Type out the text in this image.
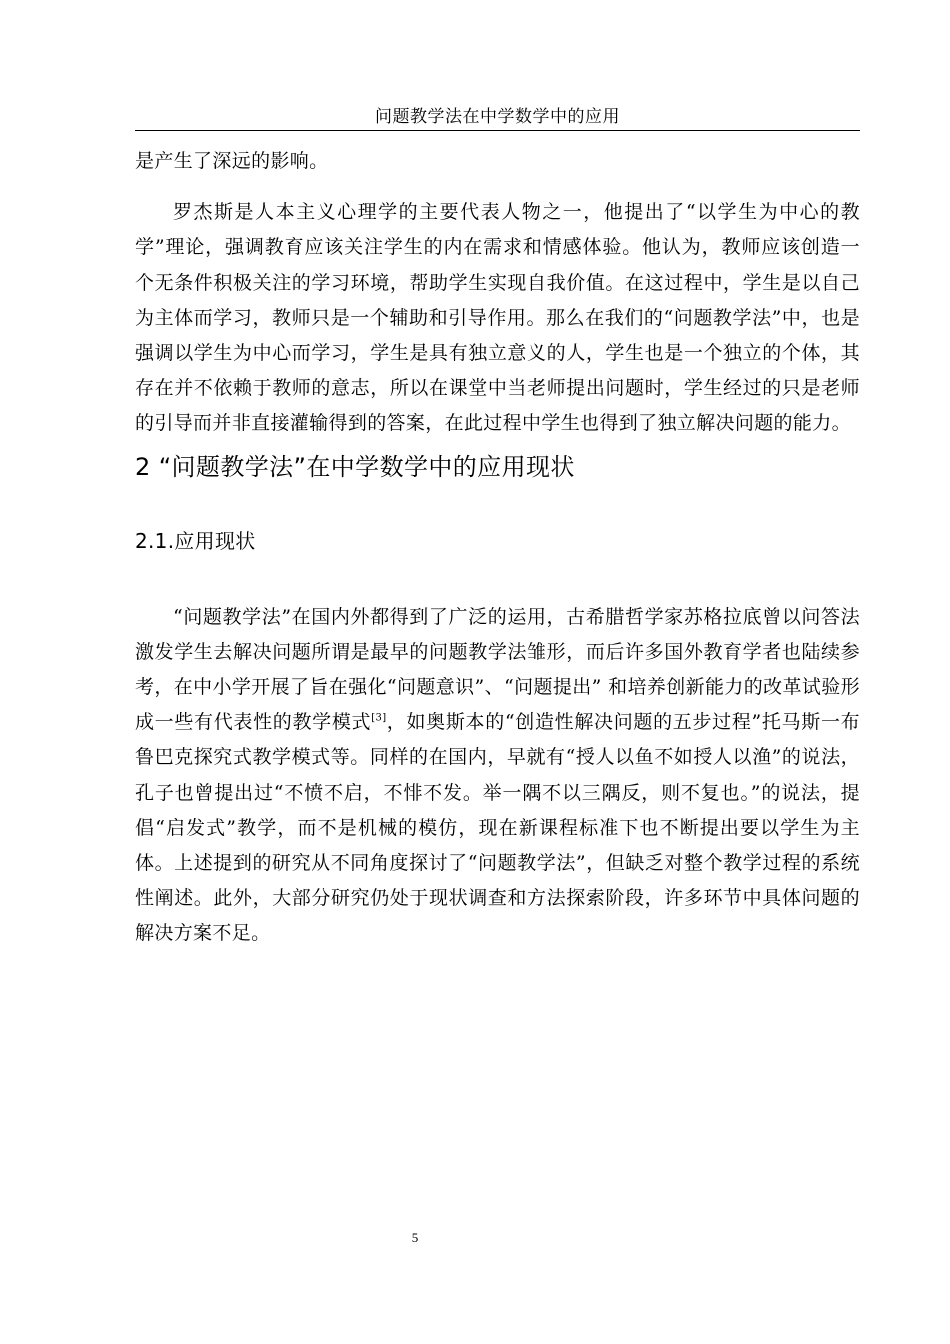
问题教学法在中学数学中的应用

是产生了深远的影响。

罗杰斯是人本主义心理学的主要代表人物之一，他提出了“以学生为中心的教学”理论，强调教育应该关注学生的内在需求和情感体验。他认为，教师应该创造一个无条件积极关注的学习环境，帮助学生实现自我价值。在这过程中，学生是以自己为主体而学习，教师只是一个辅助和引导作用。那么在我们的“问题教学法”中，也是强调以学生为中心而学习，学生是具有独立意义的人，学生也是一个独立的个体，其存在并不依赖于教师的意志，所以在课堂中当老师提出问题时，学生经过的只是老师的引导而并非直接灌输得到的答案，在此过程中学生也得到了独立解决问题的能力。

2 “问题教学法”在中学数学中的应用现状
2.1.应用现状

“问题教学法”在国内外都得到了广泛的运用，古希腊哲学家苏格拉底曾以问答法激发学生去解决问题所谓是最早的问题教学法雏形，而后许多国外教育学者也陆续参考，在中小学开展了旨在强化“问题意识”、“问题提出” 和培养创新能力的改革试验形成一些有代表性的教学模式[3]，如奥斯本的“创造性解决问题的五步过程”托马斯一布鲁巴克探究式教学模式等。同样的在国内，早就有“授人以鱼不如授人以渔”的说法，孔子也曾提出过“不愤不启，不悱不发。举一隅不以三隅反，则不复也。”的说法，提倡“启发式”教学，而不是机械的模仿，现在新课程标准下也不断提出要以学生为主体。上述提到的研究从不同角度探讨了“问题教学法”，但缺乏对整个教学过程的系统性阐述。此外，大部分研究仍处于现状调查和方法探索阶段，许多环节中具体问题的解决方案不足。

5
